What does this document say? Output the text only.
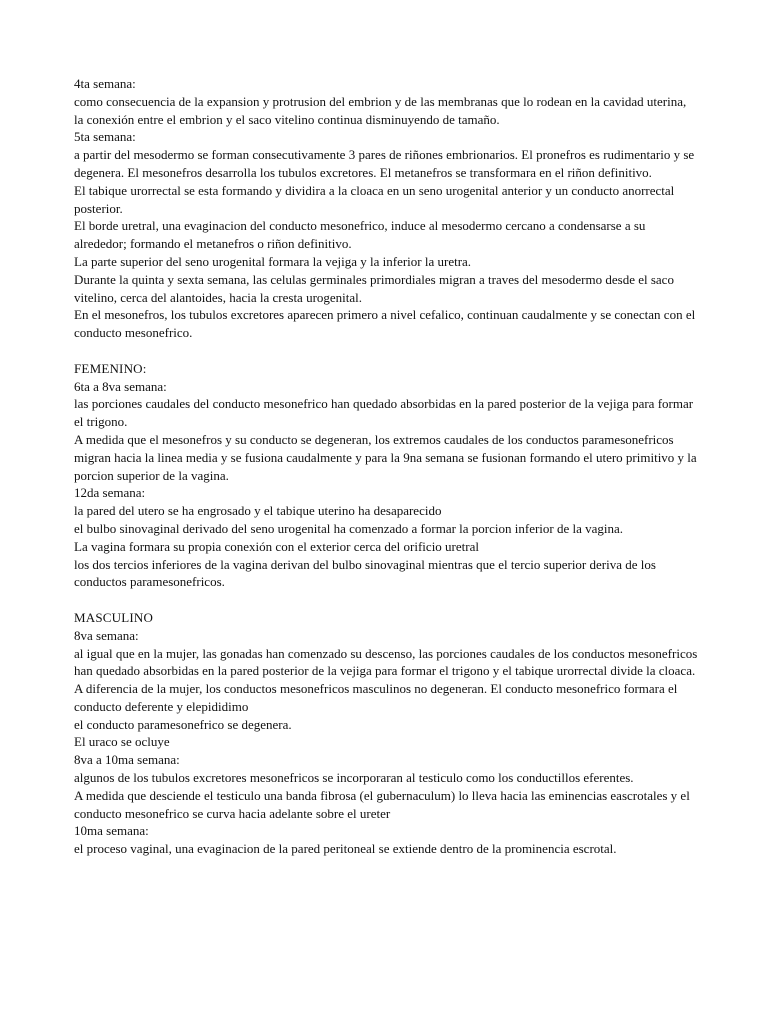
4ta semana:

como consecuencia de la expansion y protrusion del embrion y de las membranas que lo rodean en la cavidad uterina, la conexión entre el embrion y el saco vitelino continua disminuyendo de tamaño.

5ta semana:

a partir del mesodermo se forman consecutivamente 3 pares de riñones embrionarios. El pronefros es rudimentario y se degenera. El mesonefros desarrolla los tubulos excretores. El metanefros se transformara en el riñon definitivo.

El tabique urorrectal se esta formando y dividira a la cloaca en un seno urogenital anterior y un conducto anorrectal posterior.

El borde uretral, una evaginacion del conducto mesonefrico, induce al mesodermo cercano a condensarse a su alrededor; formando el metanefros o riñon definitivo.

La parte superior del seno urogenital formara la vejiga y la inferior la uretra.

Durante la quinta y sexta semana, las celulas germinales primordiales migran a traves del mesodermo desde el saco vitelino, cerca del alantoides, hacia la cresta urogenital.

En el mesonefros, los tubulos excretores aparecen primero a nivel cefalico, continuan caudalmente y se conectan con el conducto mesonefrico.

FEMENINO:

6ta a 8va semana:

las porciones caudales del conducto mesonefrico han quedado absorbidas en la pared posterior de la vejiga para formar el trigono.

A medida que el mesonefros y su conducto se degeneran, los extremos caudales de los conductos paramesonefricos migran hacia la linea media y se fusiona caudalmente y para la 9na semana se fusionan formando el utero primitivo y la porcion superior de la vagina.

12da semana:

la pared del utero se ha engrosado y el tabique uterino ha desaparecido

el bulbo sinovaginal derivado del seno urogenital ha comenzado a formar la porcion inferior de la vagina.

La vagina formara su propia conexión con el exterior cerca del orificio uretral

los dos tercios inferiores de la vagina derivan del bulbo sinovaginal mientras que el tercio superior deriva de los conductos paramesonefricos.

MASCULINO

8va semana:

al igual que en la mujer, las gonadas han comenzado su descenso, las porciones caudales de los conductos mesonefricos han quedado absorbidas en la pared posterior de la vejiga para formar el trigono y el tabique urorrectal divide la cloaca.

A diferencia de la mujer, los conductos mesonefricos masculinos no degeneran. El conducto mesonefrico formara el conducto deferente y elepididimo

el conducto paramesonefrico se degenera.

El uraco se ocluye

8va a 10ma semana:

algunos de los tubulos excretores mesonefricos se incorporaran al testiculo como los conductillos eferentes.

A medida que desciende el testiculo una banda fibrosa (el gubernaculum) lo lleva hacia las eminencias eascrotales y el conducto mesonefrico se curva hacia adelante sobre el ureter

10ma semana:

el proceso vaginal, una evaginacion de la pared peritoneal se extiende dentro de la prominencia escrotal.
